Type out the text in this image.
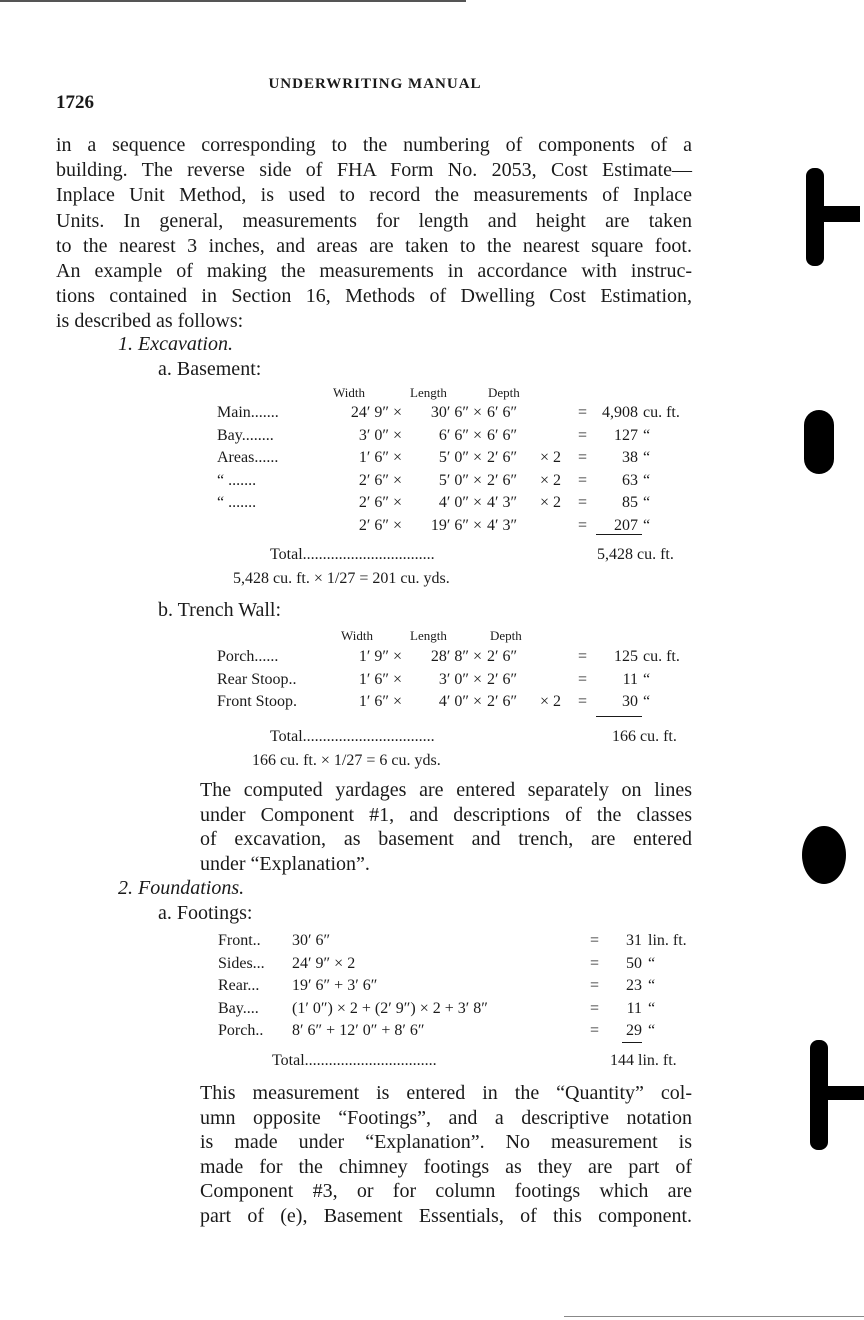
UNDERWRITING MANUAL
1726
in a sequence corresponding to the numbering of components of a
building. The reverse side of FHA Form No. 2053, Cost Estimate—
Inplace Unit Method, is used to record the measurements of Inplace
Units. In general, measurements for length and height are taken
to the nearest 3 inches, and areas are taken to the nearest square foot.
An example of making the measurements in accordance with instruc-
tions contained in Section 16, Methods of Dwelling Cost Estimation,
is described as follows:
1. Excavation.
a. Basement:
Width	Length	Depth
Main.......	24′ 9″ ×	30′ 6″ × 6′ 6″	= 4,908 cu. ft.
Bay........	3′ 0″ ×	6′ 6″ × 6′ 6″	=	127 “
Areas......	1′ 6″ ×	5′ 0″ × 2′ 6″ × 2 =	38 “
“ .......	2′ 6″ ×	5′ 0″ × 2′ 6″ × 2 =	63 “
“ .......	2′ 6″ ×	4′ 0″ × 4′ 3″ × 2 =	85 “
2′ 6″ ×	19′ 6″ × 4′ 3″	=	207 “
Total.................................	5,428 cu. ft.
5,428 cu. ft. × 1/27 = 201 cu. yds.
b. Trench Wall:
Width	Length	Depth
Porch......	1′ 9″ ×	28′ 8″ × 2′ 6″	=	125 cu. ft.
Rear Stoop..	1′ 6″ ×	3′ 0″ × 2′ 6″	=	11 “
Front Stoop.	1′ 6″ ×	4′ 0″ × 2′ 6″ × 2 =	30 “
Total.................................	166 cu. ft.
166 cu. ft. × 1/27 = 6 cu. yds.
The computed yardages are entered separately on lines
under Component #1, and descriptions of the classes
of excavation, as basement and trench, are entered
under “Explanation”.
2. Foundations.
a. Footings:
Front.. 30′ 6″	=	31 lin. ft.
Sides... 24′ 9″ × 2	=	50 “
Rear... 19′ 6″ + 3′ 6″	=	23 “
Bay.... (1′ 0″) × 2 + (2′ 9″) × 2 + 3′ 8″	=	11 “
Porch.. 8′ 6″ + 12′ 0″ + 8′ 6″	=	29 “
Total.................................	144 lin. ft.
This measurement is entered in the “Quantity” col-
umn opposite “Footings”, and a descriptive notation
is made under “Explanation”. No measurement is
made for the chimney footings as they are part of
Component #3, or for column footings which are
part of (e), Basement Essentials, of this component.
